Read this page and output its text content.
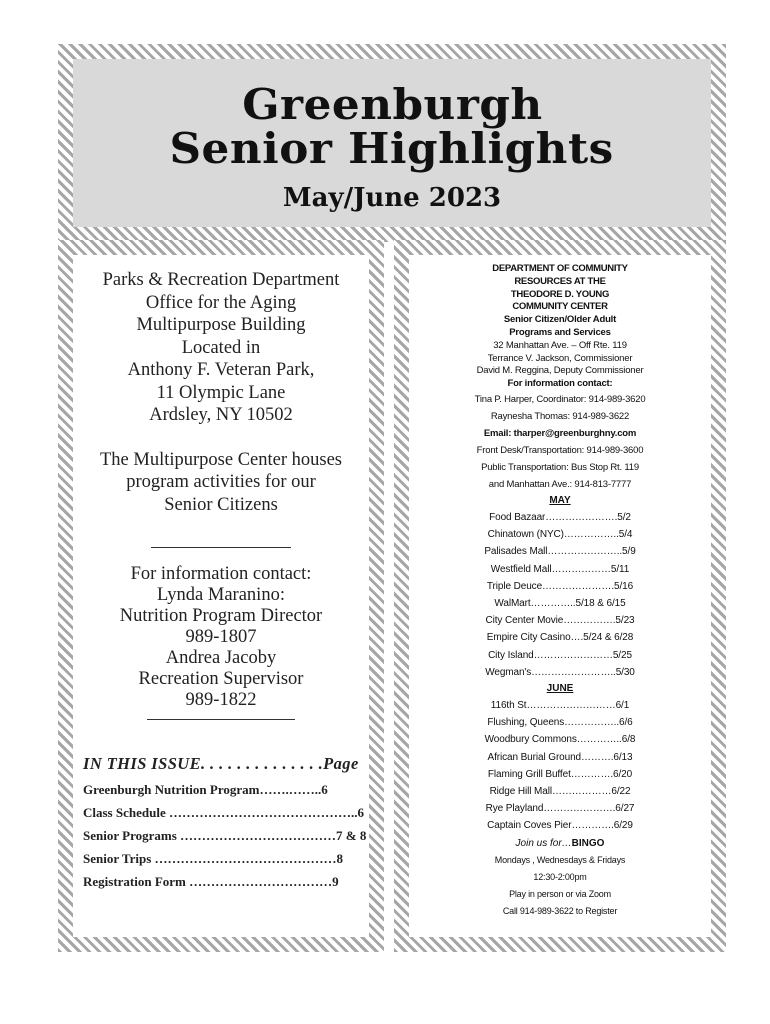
Greenburgh
Senior Highlights
May/June 2023
Parks & Recreation Department
Office for the Aging
Multipurpose Building
Located in
Anthony F. Veteran Park,
11 Olympic Lane
Ardsley, NY 10502
The Multipurpose Center houses
program activities for our
Senior Citizens
For information contact:
Lynda Maranino:
Nutrition Program Director
989-1807
Andrea Jacoby
Recreation Supervisor
989-1822
IN THIS ISSUE. . . . . . . . . . . . . .Page
Greenburgh Nutrition Program…….……..6
Class Schedule ……………………………………..6
Senior Programs ………………………………7 & 8
Senior Trips ……………………………………8
Registration Form ……………………………9
DEPARTMENT OF COMMUNITY
RESOURCES AT THE
THEODORE D. YOUNG
COMMUNITY CENTER
Senior Citizen/Older Adult
Programs and Services
32 Manhattan Ave. – Off Rte. 119
Terrance V. Jackson, Commissioner
David M. Reggina, Deputy Commissioner
For information contact:
Tina P. Harper, Coordinator: 914-989-3620
Raynesha Thomas: 914-989-3622
Email: tharper@greenburghny.com
Front Desk/Transportation: 914-989-3600
Public Transportation: Bus Stop Rt. 119
and Manhattan Ave.: 914-813-7777
MAY
Food Bazaar………………….5/2
Chinatown (NYC)……………..5/4
Palisades Mall…………………..5/9
Westfield Mall………………5/11
Triple Deuce………………….5/16
WalMart…………..5/18 & 6/15
City Center Movie…………….5/23
Empire City Casino….5/24 & 6/28
City Island……………………5/25
Wegman's……………………..5/30
JUNE
116th St………………………6/1
Flushing, Queens……………..6/6
Woodbury Commons…………..6/8
African Burial Ground……….6/13
Flaming Grill Buffet………….6/20
Ridge Hill Mall………………6/22
Rye Playland………………….6/27
Captain Coves Pier………….6/29
Join us for…BINGO
Mondays , Wednesdays & Fridays
12:30-2:00pm
Play in person or via Zoom
Call 914-989-3622 to Register
